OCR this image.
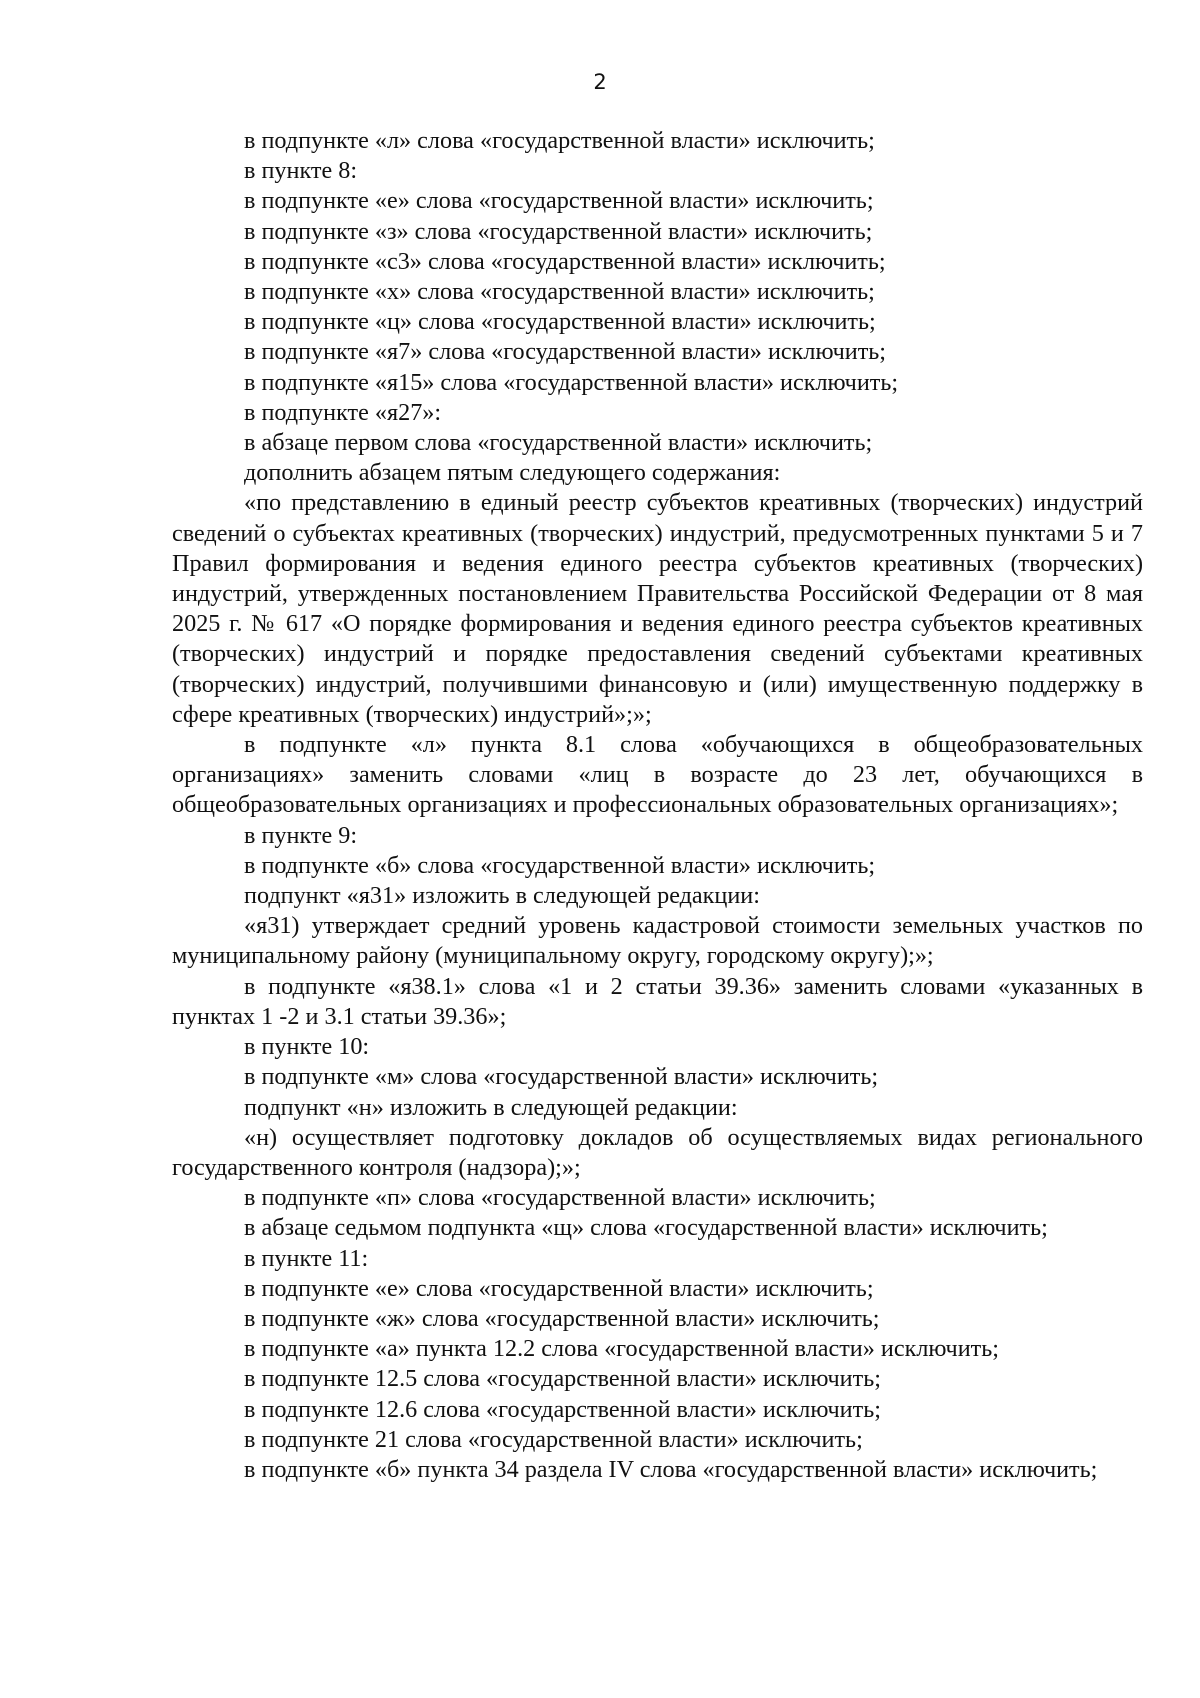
2

в подпункте «л» слова «государственной власти» исключить;

в пункте 8:

в подпункте «е» слова «государственной власти» исключить;

в подпункте «з» слова «государственной власти» исключить;

в подпункте «с3» слова «государственной власти» исключить;

в подпункте «х» слова «государственной власти» исключить;

в подпункте «ц» слова «государственной власти» исключить;

в подпункте «я7» слова «государственной власти» исключить;

в подпункте «я15» слова «государственной власти» исключить;

в подпункте «я27»:

в абзаце первом слова «государственной власти» исключить;

дополнить абзацем пятым следующего содержания:

«по представлению в единый реестр субъектов креативных (творческих) индустрий сведений о субъектах креативных (творческих) индустрий, предусмотренных пунктами 5 и 7 Правил формирования и ведения единого реестра субъектов креативных (творческих) индустрий, утвержденных постановлением Правительства Российской Федерации от 8 мая 2025 г. № 617 «О порядке формирования и ведения единого реестра субъектов креативных (творческих) индустрий и порядке предоставления сведений субъектами креативных (творческих) индустрий, получившими финансовую и (или) имущественную поддержку в сфере креативных (творческих) индустрий»;»;

в подпункте «л» пункта 8.1 слова «обучающихся в общеобразовательных организациях» заменить словами «лиц в возрасте до 23 лет, обучающихся в общеобразовательных организациях и профессиональных образовательных организациях»;

в пункте 9:

в подпункте «б» слова «государственной власти» исключить;

подпункт «я31» изложить в следующей редакции:

«я31) утверждает средний уровень кадастровой стоимости земельных участков по муниципальному району (муниципальному округу, городскому округу);»;

в подпункте «я38.1» слова «1 и 2 статьи 39.36» заменить словами «указанных в пунктах 1 -2 и 3.1 статьи 39.36»;

в пункте 10:

в подпункте «м» слова «государственной власти» исключить;

подпункт «н» изложить в следующей редакции:

«н) осуществляет подготовку докладов об осуществляемых видах регионального государственного контроля (надзора);»;

в подпункте «п» слова «государственной власти» исключить;

в абзаце седьмом подпункта «щ» слова «государственной власти» исключить;

в пункте 11:

в подпункте «е» слова «государственной власти» исключить;

в подпункте «ж» слова «государственной власти» исключить;

в подпункте «а» пункта 12.2 слова «государственной власти» исключить;

в подпункте 12.5 слова «государственной власти» исключить;

в подпункте 12.6 слова «государственной власти» исключить;

в подпункте 21 слова «государственной власти» исключить;

в подпункте «б» пункта 34 раздела IV слова «государственной власти» исключить;
